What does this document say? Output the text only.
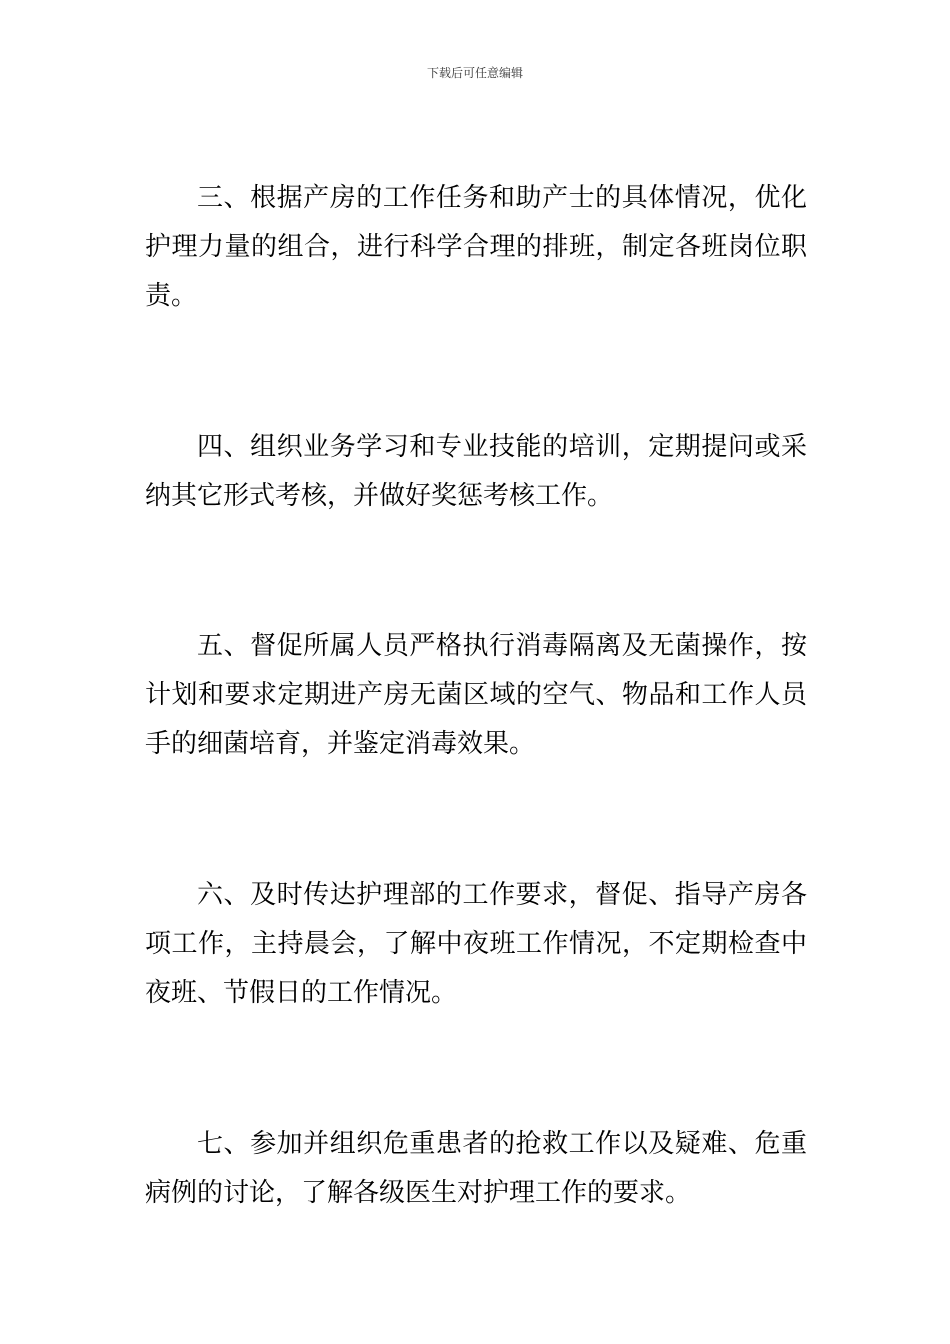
下载后可任意编辑

三、根据产房的工作任务和助产士的具体情况，优化护理力量的组合，进行科学合理的排班，制定各班岗位职责。

四、组织业务学习和专业技能的培训，定期提问或采纳其它形式考核，并做好奖惩考核工作。

五、督促所属人员严格执行消毒隔离及无菌操作，按计划和要求定期进产房无菌区域的空气、物品和工作人员手的细菌培育，并鉴定消毒效果。

六、及时传达护理部的工作要求，督促、指导产房各项工作，主持晨会，了解中夜班工作情况，不定期检查中夜班、节假日的工作情况。

七、参加并组织危重患者的抢救工作以及疑难、危重病例的讨论，了解各级医生对护理工作的要求。
